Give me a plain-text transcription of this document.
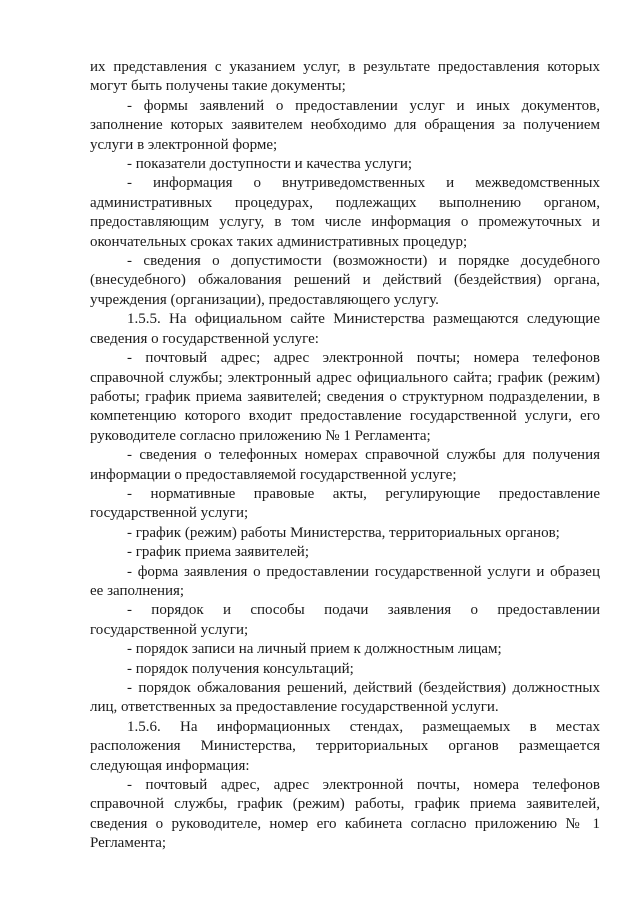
их представления с указанием услуг, в результате предоставления которых могут быть получены такие документы;

- формы заявлений о предоставлении услуг и иных документов, заполнение которых заявителем необходимо для обращения за получением услуги в электронной форме;

- показатели доступности и качества услуги;

- информация о внутриведомственных и межведомственных административных процедурах, подлежащих выполнению органом, предоставляющим услугу, в том числе информация о промежуточных и окончательных сроках таких административных процедур;

- сведения о допустимости (возможности) и порядке досудебного (внесудебного) обжалования решений и действий (бездействия) органа, учреждения (организации), предоставляющего услугу.

1.5.5. На официальном сайте Министерства размещаются следующие сведения о государственной услуге:

- почтовый адрес; адрес электронной почты; номера телефонов справочной службы; электронный адрес официального сайта; график (режим) работы; график приема заявителей; сведения о структурном подразделении, в компетенцию которого входит предоставление государственной услуги, его руководителе согласно приложению № 1 Регламента;

- сведения о телефонных номерах справочной службы для получения информации о предоставляемой государственной услуге;

- нормативные правовые акты, регулирующие предоставление государственной услуги;

- график (режим) работы Министерства, территориальных органов;

- график приема заявителей;

- форма заявления о предоставлении государственной услуги и образец ее заполнения;

- порядок и способы подачи заявления о предоставлении государственной услуги;

- порядок записи на личный прием к должностным лицам;

- порядок получения консультаций;

- порядок обжалования решений, действий (бездействия) должностных лиц, ответственных за предоставление государственной услуги.

1.5.6. На информационных стендах, размещаемых в местах расположения Министерства, территориальных органов размещается следующая информация:

- почтовый адрес, адрес электронной почты, номера телефонов справочной службы, график (режим) работы, график приема заявителей, сведения о руководителе, номер его кабинета согласно приложению № 1 Регламента;
